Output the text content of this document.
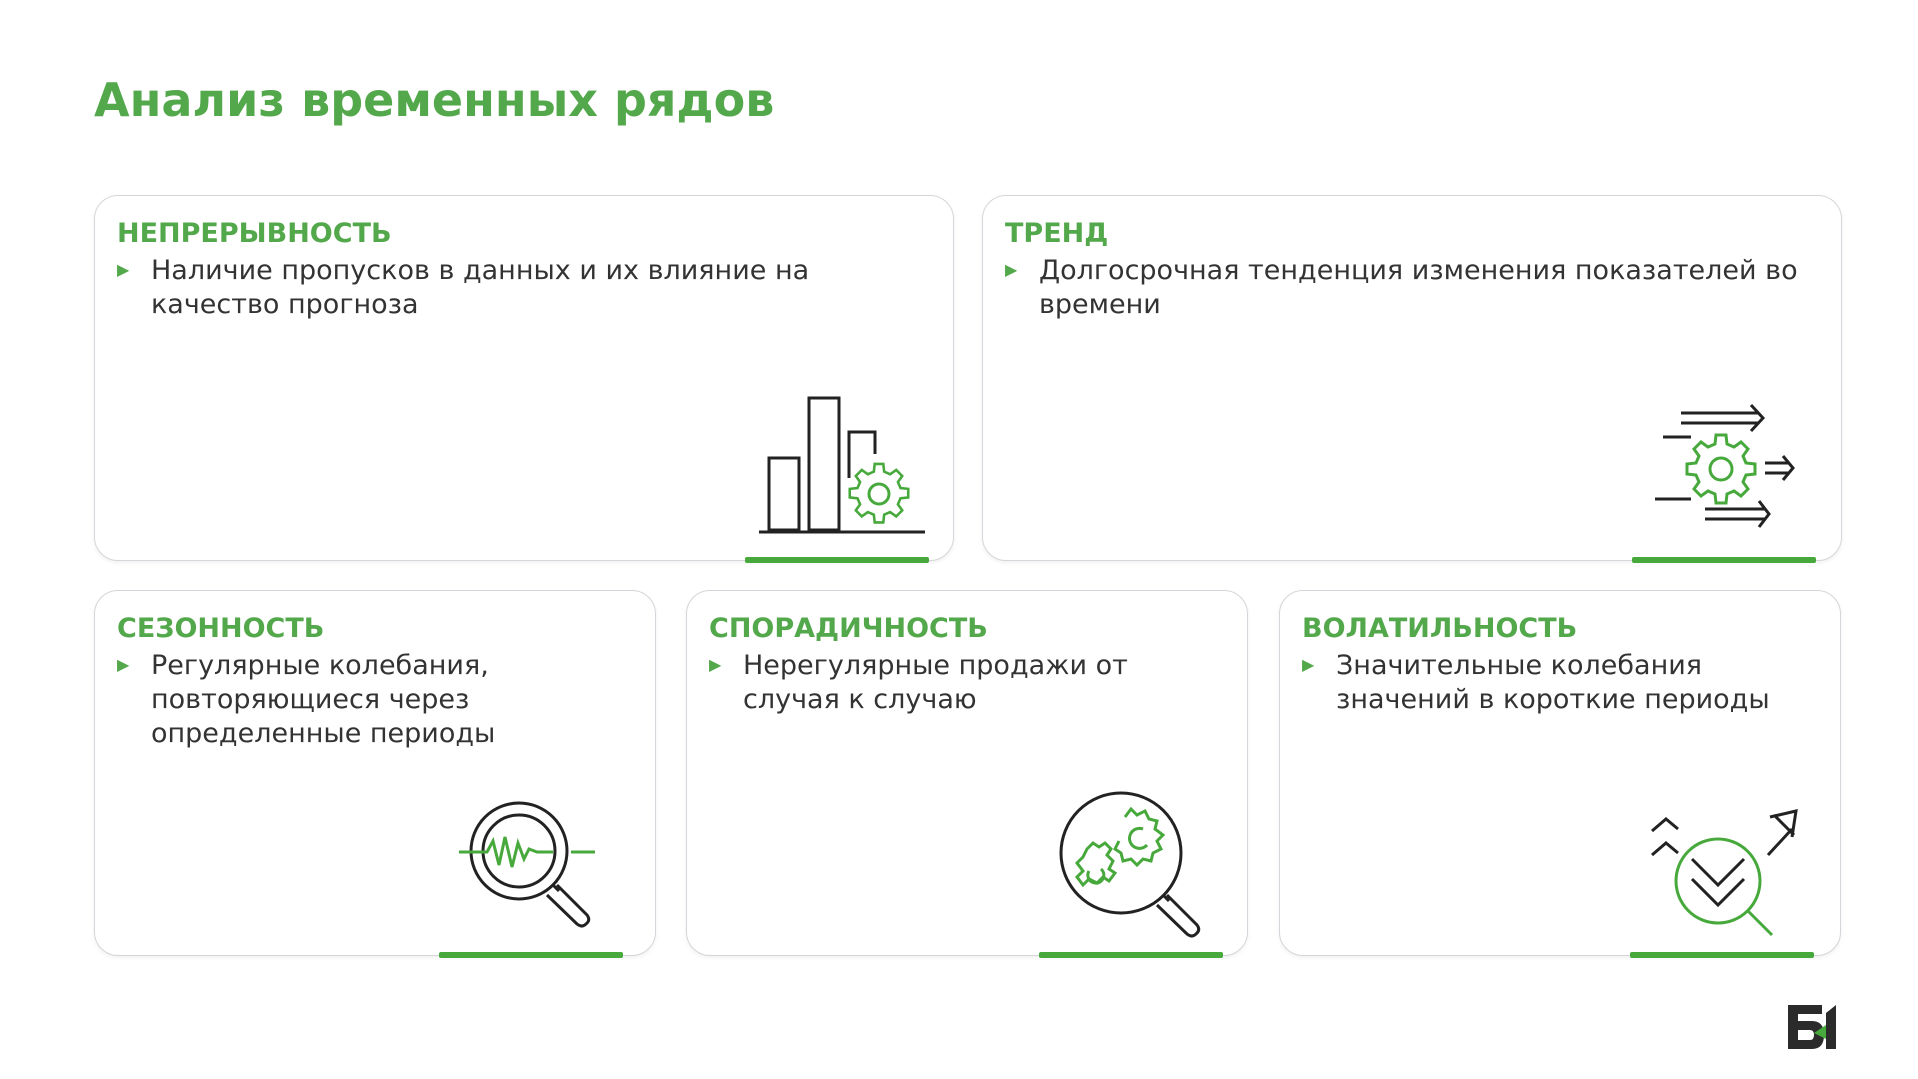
Анализ временных рядов
НЕПРЕРЫВНОСТЬ
▶ Наличие пропусков в данных и их влияние на качество прогноза
ТРЕНД
▶ Долгосрочная тенденция изменения показателей во времени
СЕЗОННОСТЬ
▶ Регулярные колебания, повторяющиеся через определенные периоды
СПОРАДИЧНОСТЬ
▶ Нерегулярные продажи от случая к случаю
ВОЛАТИЛЬНОСТЬ
▶ Значительные колебания значений в короткие периоды
